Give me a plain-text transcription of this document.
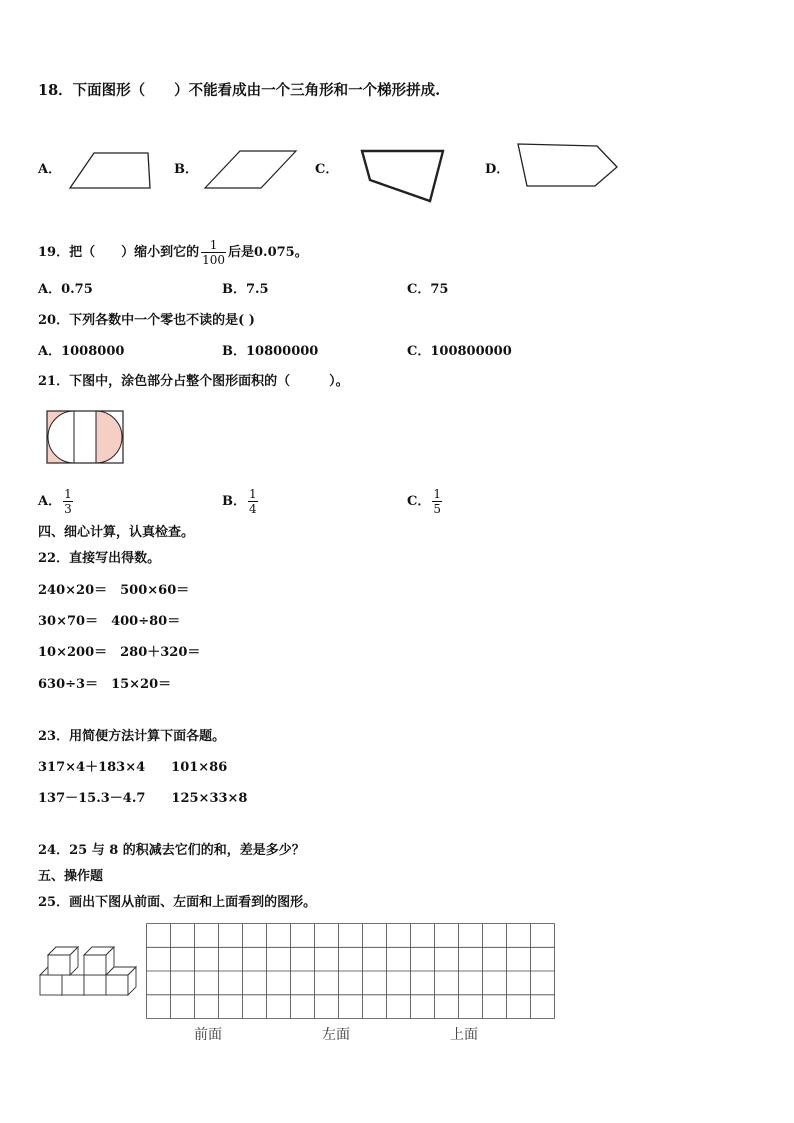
18．下面图形（　　）不能看成由一个三角形和一个梯形拼成.
A．	B．	C．	D．
19．把（　　）缩小到它的 $\frac{1}{100}$ 后是0.075。
A．0.75	B．7.5	C．75
20．下列各数中一个零也不读的是( )
A．1008000	B．10800000	C．100800000
21．下图中，涂色部分占整个图形面积的（　　　）。
A． $\frac{1}{3}$	B． $\frac{1}{4}$	C． $\frac{1}{5}$
四、细心计算，认真检查。
22．直接写出得数。
240×20＝　500×60＝
30×70＝　400÷80＝
10×200＝　280＋320＝
630÷3＝　15×20＝
23．用简便方法计算下面各题。
317×4＋183×4　　101×86
137－15.3－4.7　　125×33×8
24．25 与 8 的积减去它们的和，差是多少？
五、操作题
25．画出下图从前面、左面和上面看到的图形。
前面	左面	上面
